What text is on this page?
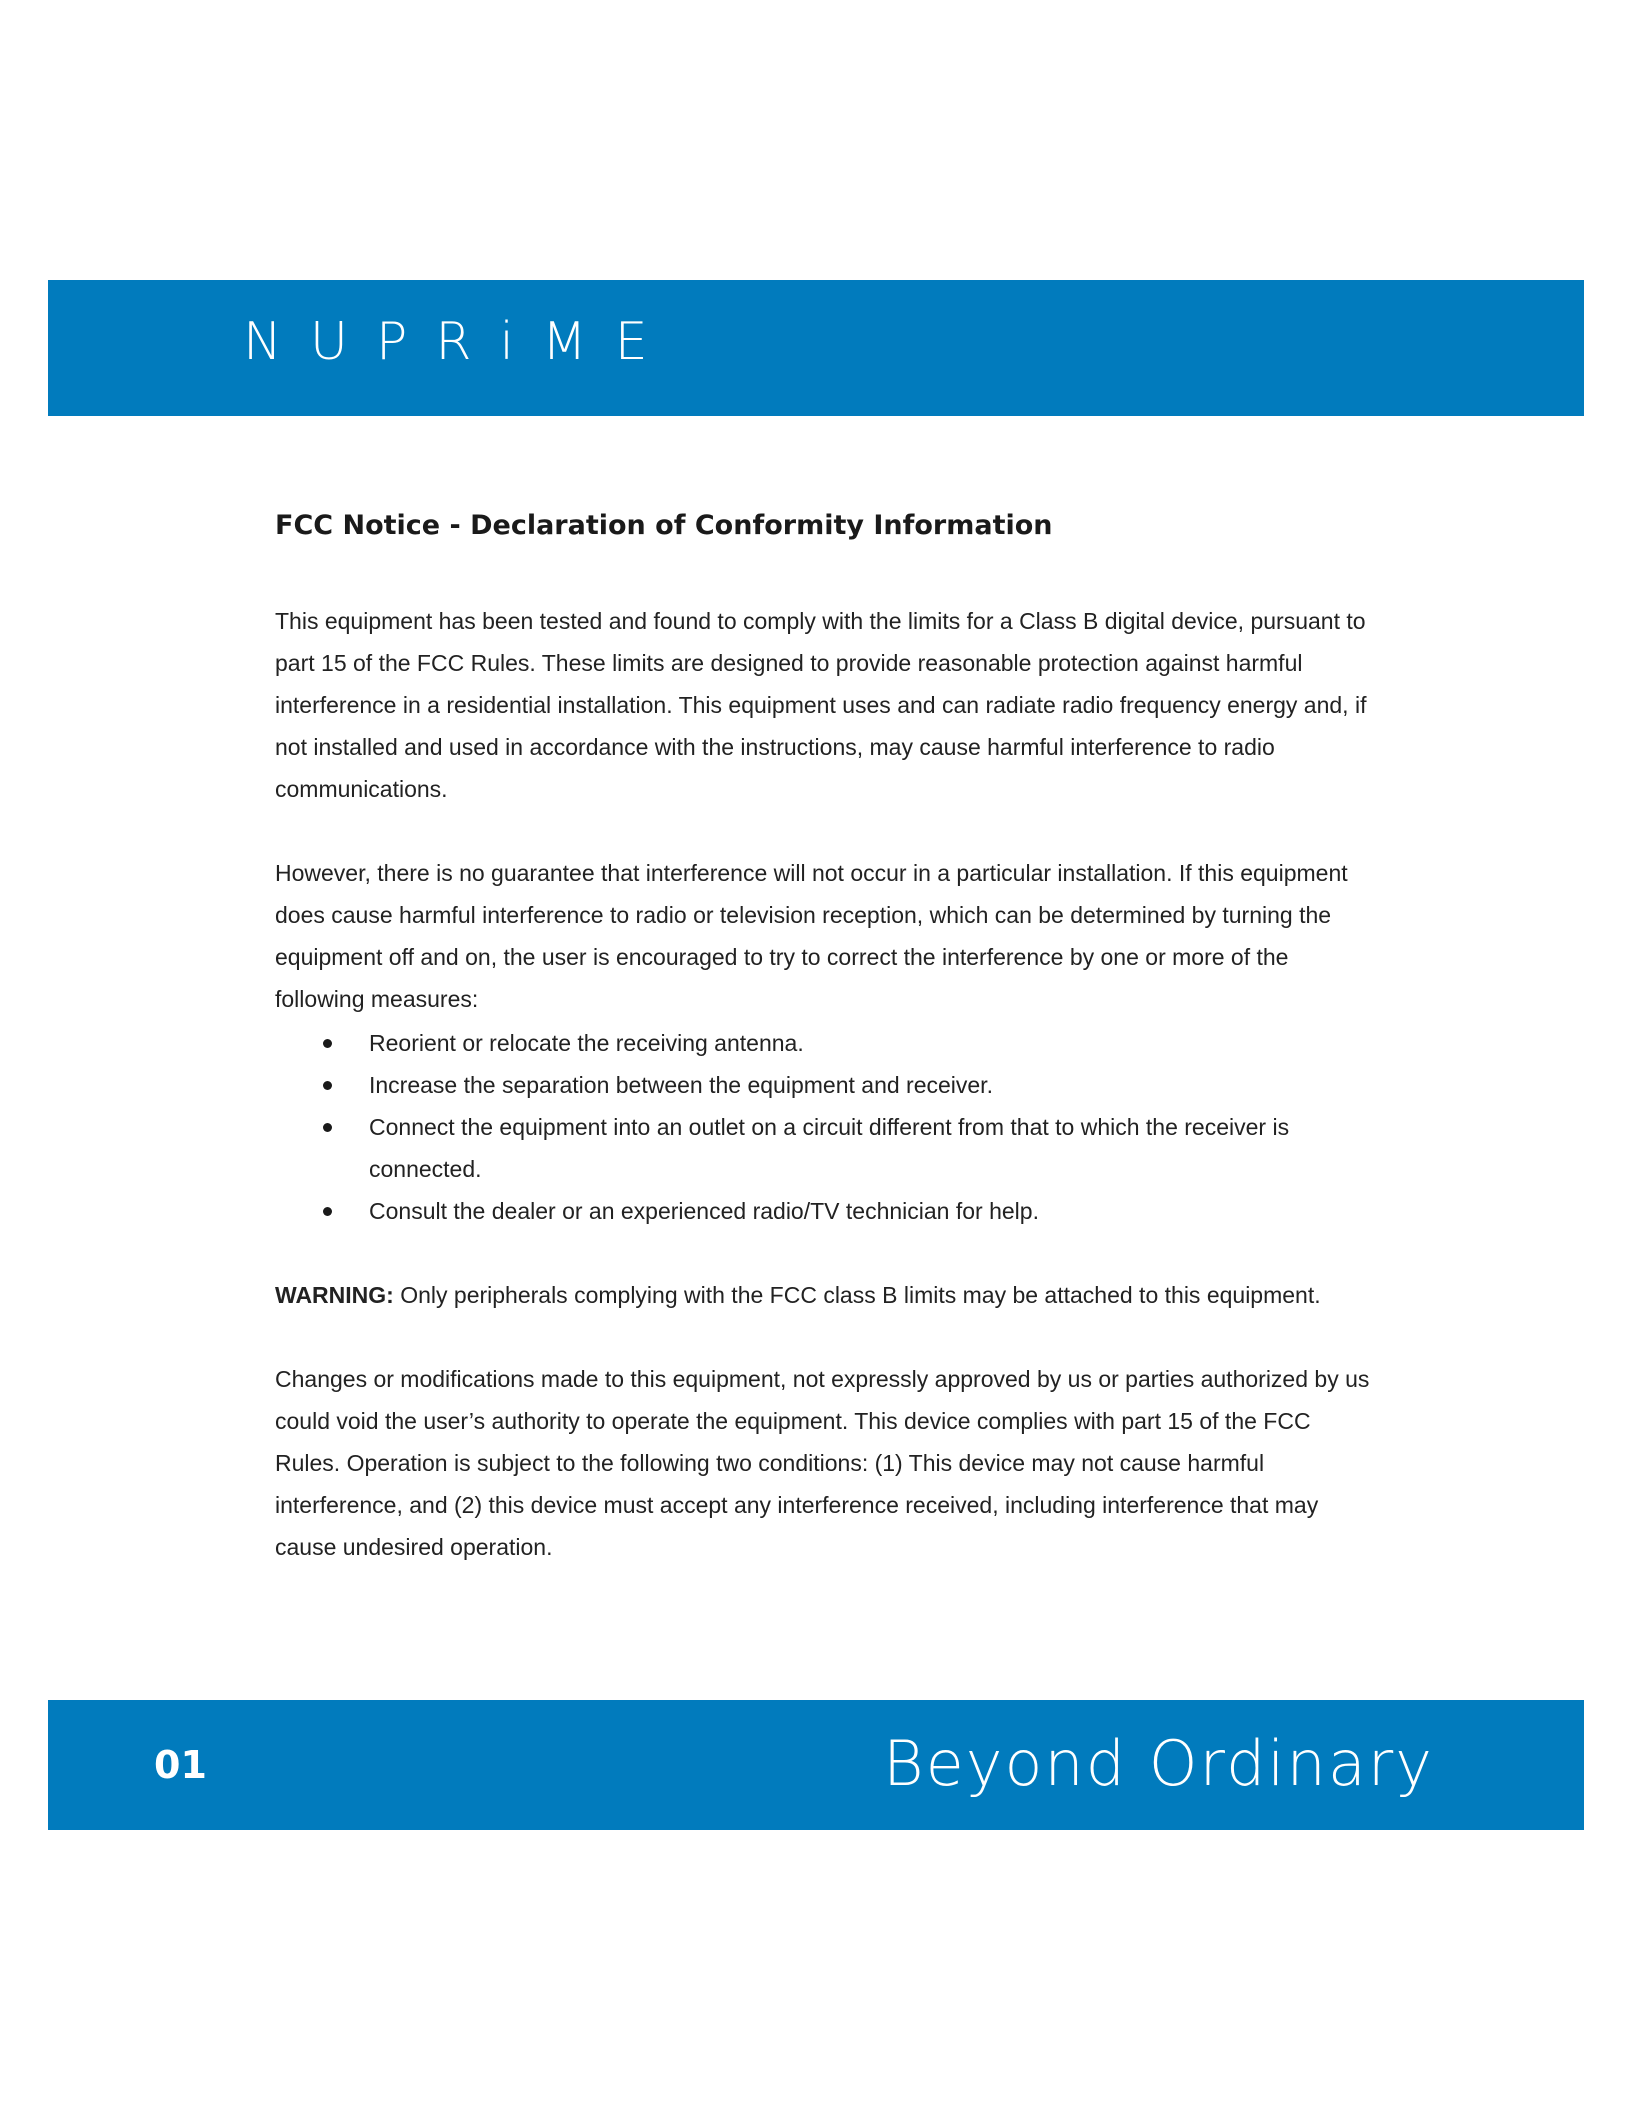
NUPRiME
FCC Notice - Declaration of Conformity Information

This equipment has been tested and found to comply with the limits for a Class B digital device, pursuant to part 15 of the FCC Rules. These limits are designed to provide reasonable protection against harmful interference in a residential installation. This equipment uses and can radiate radio frequency energy and, if not installed and used in accordance with the instructions, may cause harmful interference to radio communications.

However, there is no guarantee that interference will not occur in a particular installation. If this equipment does cause harmful interference to radio or television reception, which can be determined by turning the equipment off and on, the user is encouraged to try to correct the interference by one or more of the following measures:

Reorient or relocate the receiving antenna.
Increase the separation between the equipment and receiver.
Connect the equipment into an outlet on a circuit different from that to which the receiver is connected.
Consult the dealer or an experienced radio/TV technician for help.

WARNING: Only peripherals complying with the FCC class B limits may be attached to this equipment.

Changes or modifications made to this equipment, not expressly approved by us or parties authorized by us could void the user’s authority to operate the equipment. This device complies with part 15 of the FCC Rules. Operation is subject to the following two conditions: (1) This device may not cause harmful interference, and (2) this device must accept any interference received, including interference that may cause undesired operation.

01	Beyond Ordinary
